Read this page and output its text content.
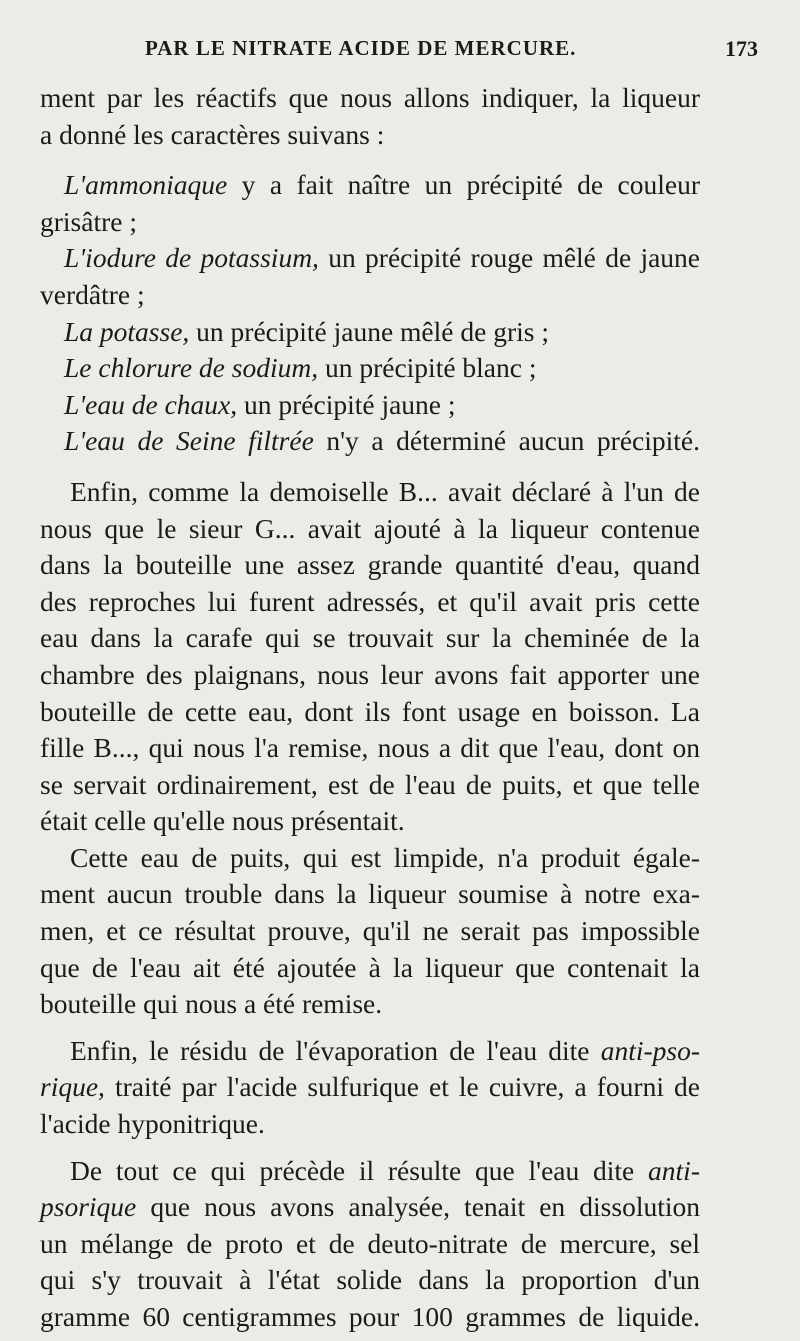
PAR LE NITRATE ACIDE DE MERCURE.	173
ment par les réactifs que nous allons indiquer, la liqueur
a donné les caractères suivans :
L'ammoniaque y a fait naître un précipité de couleur
grisâtre ;
L'iodure de potassium, un précipité rouge mêlé de jaune
verdâtre ;
La potasse, un précipité jaune mêlé de gris ;
Le chlorure de sodium, un précipité blanc ;
L'eau de chaux, un précipité jaune ;
L'eau de Seine filtrée n'y a déterminé aucun précipité.
Enfin, comme la demoiselle B... avait déclaré à l'un de
nous que le sieur G... avait ajouté à la liqueur contenue
dans la bouteille une assez grande quantité d'eau, quand
des reproches lui furent adressés, et qu'il avait pris cette
eau dans la carafe qui se trouvait sur la cheminée de la
chambre des plaignans, nous leur avons fait apporter une
bouteille de cette eau, dont ils font usage en boisson. La
fille B..., qui nous l'a remise, nous a dit que l'eau, dont on
se servait ordinairement, est de l'eau de puits, et que telle
était celle qu'elle nous présentait.
Cette eau de puits, qui est limpide, n'a produit égale-
ment aucun trouble dans la liqueur soumise à notre exa-
men, et ce résultat prouve, qu'il ne serait pas impossible
que de l'eau ait été ajoutée à la liqueur que contenait la
bouteille qui nous a été remise.
Enfin, le résidu de l'évaporation de l'eau dite anti-pso-
rique, traité par l'acide sulfurique et le cuivre, a fourni de
l'acide hyponitrique.
De tout ce qui précède il résulte que l'eau dite anti-
psorique que nous avons analysée, tenait en dissolution
un mélange de proto et de deuto-nitrate de mercure, sel
qui s'y trouvait à l'état solide dans la proportion d'un
gramme 60 centigrammes pour 100 grammes de liquide.
